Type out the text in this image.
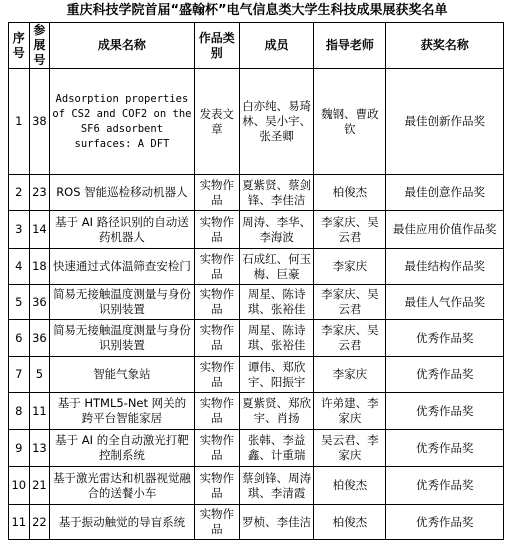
重庆科技学院首届“盛翰杯”电气信息类大学生科技成果展获奖名单
序号	参展号	成果名称	作品类别	成员	指导老师	获奖名称
1	38	Adsorption properties of CS2 and COF2 on the SF6 adsorbent surfaces: A DFT	发表文章	白亦纯、易琦林、吴小宇、张圣卿	魏钢、曹政钦	最佳创新作品奖
2	23	ROS 智能巡检移动机器人	实物作品	夏紫贤、蔡剑锋、李佳洁	柏俊杰	最佳创意作品奖
3	14	基于 AI 路径识别的自动送药机器人	实物作品	周涛、李华、李海波	李家庆、吴云君	最佳应用价值作品奖
4	18	快速通过式体温筛查安检门	实物作品	石成红、何玉梅、巨豪	李家庆	最佳结构作品奖
5	36	简易无接触温度测量与身份识别装置	实物作品	周星、陈诗琪、张裕佳	李家庆、吴云君	最佳人气作品奖
6	36	简易无接触温度测量与身份识别装置	实物作品	周星、陈诗琪、张裕佳	李家庆、吴云君	优秀作品奖
7	5	智能气象站	实物作品	谭伟、郑欣宇、阳振宇	李家庆	优秀作品奖
8	11	基于 HTML5-Net 网关的跨平台智能家居	实物作品	夏紫贤、郑欣宇、肖扬	许弟建、李家庆	优秀作品奖
9	13	基于 AI 的全自动激光打靶控制系统	实物作品	张韩、李益鑫、计重瑞	吴云君、李家庆	优秀作品奖
10	21	基于激光雷达和机器视觉融合的送餐小车	实物作品	蔡剑锋、周涛琪、李清霞	柏俊杰	优秀作品奖
11	22	基于振动触觉的导盲系统	实物作品	罗桢、李佳洁	柏俊杰	优秀作品奖
